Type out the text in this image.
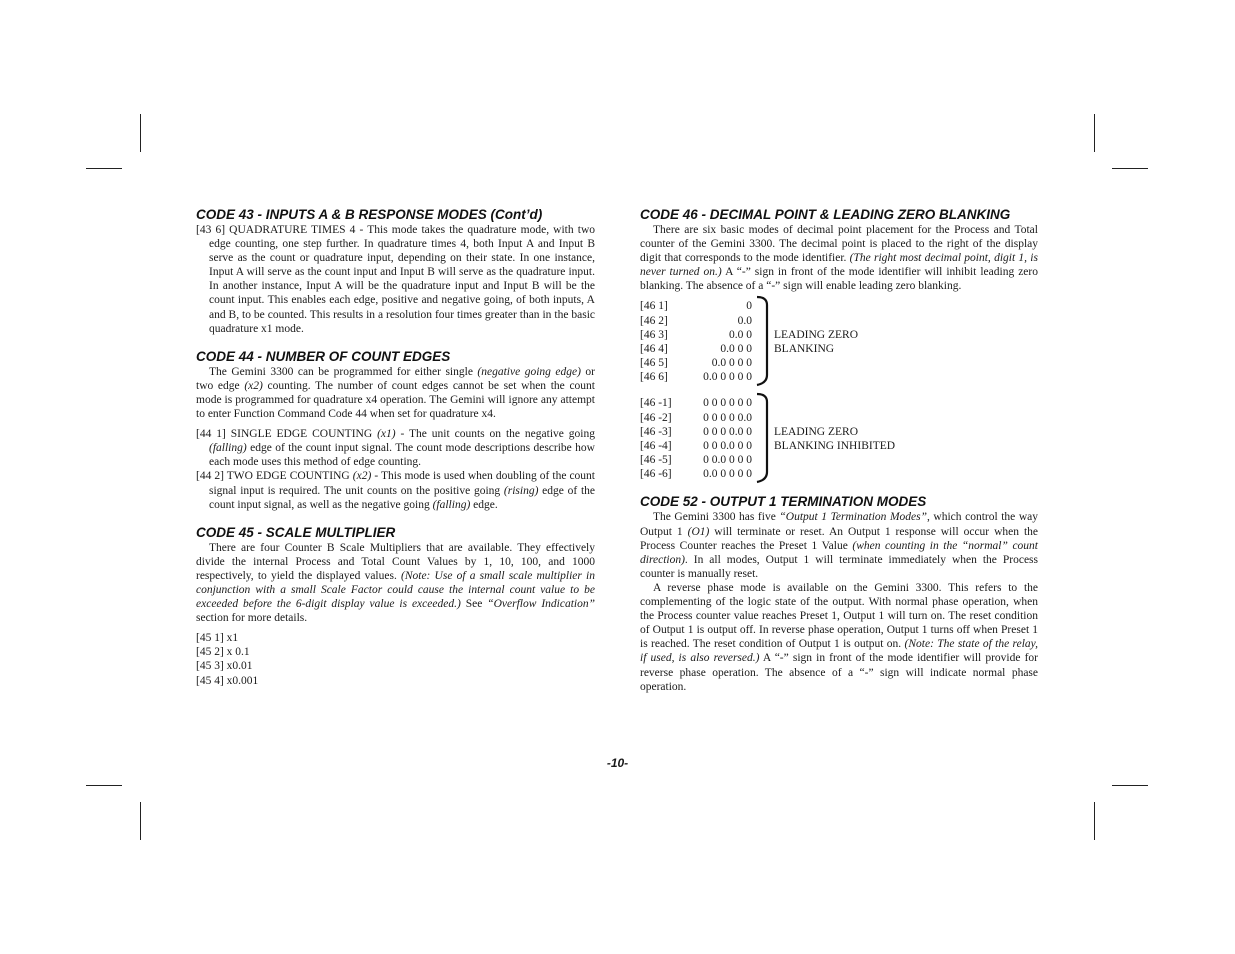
CODE 43 - INPUTS A & B RESPONSE MODES (Cont’d)

[43 6] QUADRATURE TIMES 4 - This mode takes the quadrature mode, with two edge counting, one step further. In quadrature times 4, both Input A and Input B serve as the count or quadrature input, depending on their state. In one instance, Input A will serve as the count input and Input B will serve as the quadrature input. In another instance, Input A will be the quadrature input and Input B will be the count input. This enables each edge, positive and negative going, of both inputs, A and B, to be counted. This results in a resolution four times greater than in the basic quadrature x1 mode.

CODE 44 - NUMBER OF COUNT EDGES

The Gemini 3300 can be programmed for either single (negative going edge) or two edge (x2) counting. The number of count edges cannot be set when the count mode is programmed for quadrature x4 operation. The Gemini will ignore any attempt to enter Function Command Code 44 when set for quadrature x4.

[44 1] SINGLE EDGE COUNTING (x1) - The unit counts on the negative going (falling) edge of the count input signal. The count mode descriptions describe how each mode uses this method of edge counting.

[44 2] TWO EDGE COUNTING (x2) - This mode is used when doubling of the count signal input is required. The unit counts on the positive going (rising) edge of the count input signal, as well as the negative going (falling) edge.

CODE 45 - SCALE MULTIPLIER

There are four Counter B Scale Multipliers that are available. They effectively divide the internal Process and Total Count Values by 1, 10, 100, and 1000 respectively, to yield the displayed values. (Note: Use of a small scale multiplier in conjunction with a small Scale Factor could cause the internal count value to be exceeded before the 6-digit display value is exceeded.) See “Overflow Indication” section for more details.

[45 1] x1
[45 2] x 0.1
[45 3] x0.01
[45 4] x0.001
CODE 46 - DECIMAL POINT & LEADING ZERO BLANKING

There are six basic modes of decimal point placement for the Process and Total counter of the Gemini 3300. The decimal point is placed to the right of the display digit that corresponds to the mode identifier. (The right most decimal point, digit 1, is never turned on.) A “-” sign in front of the mode identifier will inhibit leading zero blanking. The absence of a “-” sign will enable leading zero blanking.

[46 1]	0
[46 2]	0.0
[46 3]	0.0 0 LEADING ZERO
[46 4]	0.0 0 0 BLANKING
[46 5]	0.0 0 0 0
[46 6]	0.0 0 0 0 0
[46 -1]	0 0 0 0 0 0
[46 -2]	0 0 0 0 0.0
[46 -3]	0 0 0 0.0 0 LEADING ZERO
[46 -4]	0 0 0.0 0 0 BLANKING INHIBITED
[46 -5]	0 0.0 0 0 0
[46 -6]	0.0 0 0 0 0
CODE 52 - OUTPUT 1 TERMINATION MODES

The Gemini 3300 has five “Output 1 Termination Modes”, which control the way Output 1 (O1) will terminate or reset. An Output 1 response will occur when the Process Counter reaches the Preset 1 Value (when counting in the “normal” count direction). In all modes, Output 1 will terminate immediately when the Process counter is manually reset.

A reverse phase mode is available on the Gemini 3300. This refers to the complementing of the logic state of the output. With normal phase operation, when the Process counter value reaches Preset 1, Output 1 will turn on. The reset condition of Output 1 is output off. In reverse phase operation, Output 1 turns off when Preset 1 is reached. The reset condition of Output 1 is output on. (Note: The state of the relay, if used, is also reversed.) A “-” sign in front of the mode identifier will provide for reverse phase operation. The absence of a “-” sign will indicate normal phase operation.

-10-
